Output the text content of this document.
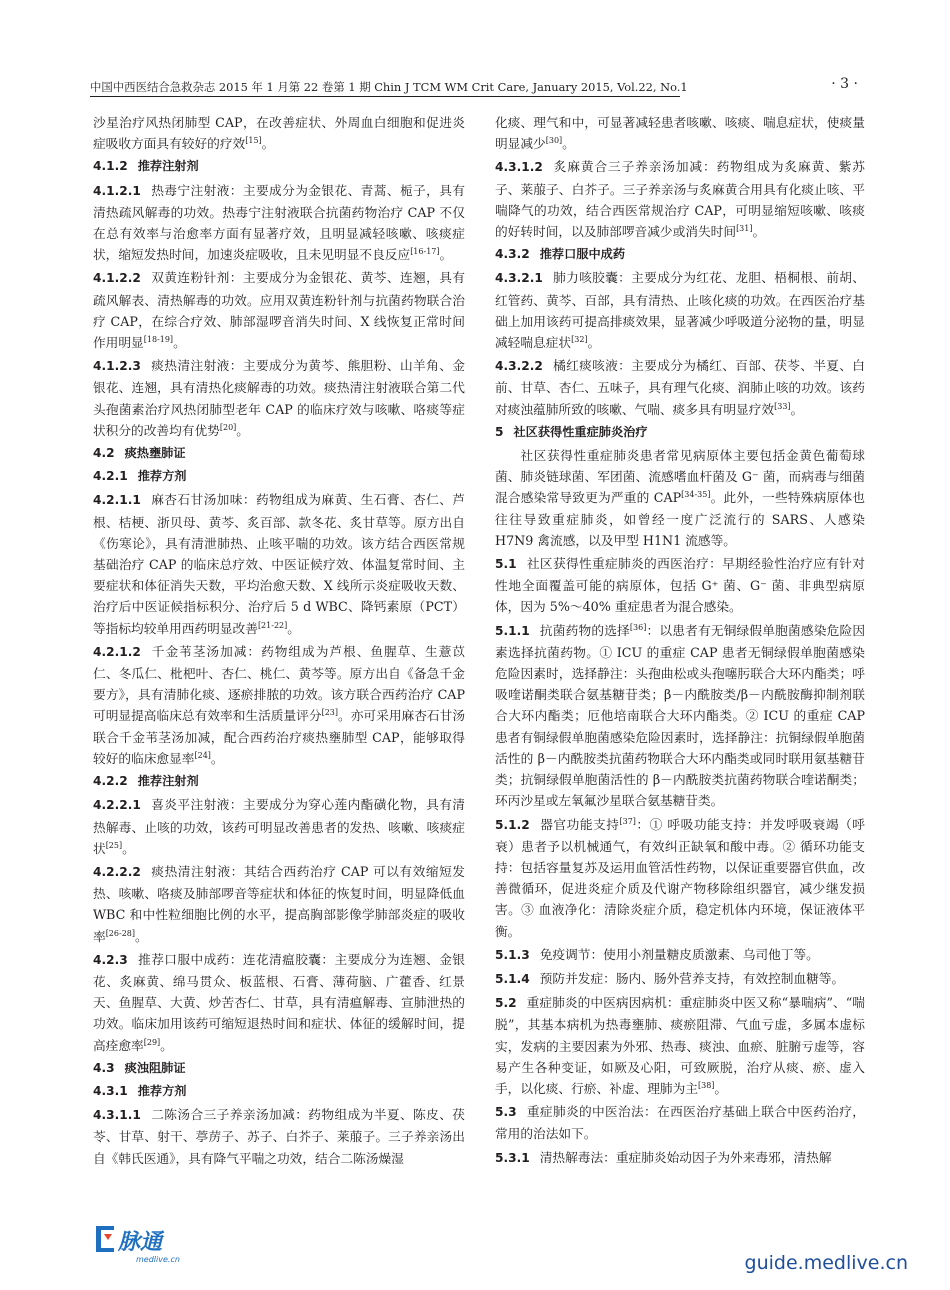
中国中西医结合急救杂志 2015 年 1 月第 22 卷第 1 期 Chin J TCM WM Crit Care, January 2015, Vol.22, No.1	· 3 ·

沙星治疗风热闭肺型 CAP，在改善症状、外周血白细胞和促进炎症吸收方面具有较好的疗效[15]。

4.1.2 推荐注射剂

4.1.2.1 热毒宁注射液：主要成分为金银花、青蒿、栀子，具有清热疏风解毒的功效。热毒宁注射液联合抗菌药物治疗 CAP 不仅在总有效率与治愈率方面有显著疗效，且明显减轻咳嗽、咳痰症状，缩短发热时间，加速炎症吸收，且未见明显不良反应[16-17]。

4.1.2.2 双黄连粉针剂：主要成分为金银花、黄芩、连翘，具有疏风解表、清热解毒的功效。应用双黄连粉针剂与抗菌药物联合治疗 CAP，在综合疗效、肺部湿啰音消失时间、X 线恢复正常时间作用明显[18-19]。

4.1.2.3 痰热清注射液：主要成分为黄芩、熊胆粉、山羊角、金银花、连翘，具有清热化痰解毒的功效。痰热清注射液联合第二代头孢菌素治疗风热闭肺型老年 CAP 的临床疗效与咳嗽、咯痰等症状积分的改善均有优势[20]。

4.2 痰热壅肺证
4.2.1 推荐方剂

4.2.1.1 麻杏石甘汤加味：药物组成为麻黄、生石膏、杏仁、芦根、桔梗、浙贝母、黄芩、炙百部、款冬花、炙甘草等。原方出自《伤寒论》，具有清泄肺热、止咳平喘的功效。该方结合西医常规基础治疗 CAP 的临床总疗效、中医证候疗效、体温复常时间、主要症状和体征消失天数，平均治愈天数、X 线所示炎症吸收天数、治疗后中医证候指标积分、治疗后 5 d WBC、降钙素原（PCT）等指标均较单用西药明显改善[21-22]。

4.2.1.2 千金苇茎汤加减：药物组成为芦根、鱼腥草、生薏苡仁、冬瓜仁、枇杷叶、杏仁、桃仁、黄芩等。原方出自《备急千金要方》，具有清肺化痰、逐瘀排脓的功效。该方联合西药治疗 CAP 可明显提高临床总有效率和生活质量评分[23]。亦可采用麻杏石甘汤联合千金苇茎汤加减，配合西药治疗痰热壅肺型 CAP，能够取得较好的临床愈显率[24]。

4.2.2 推荐注射剂

4.2.2.1 喜炎平注射液：主要成分为穿心莲内酯磺化物，具有清热解毒、止咳的功效，该药可明显改善患者的发热、咳嗽、咳痰症状[25]。

4.2.2.2 痰热清注射液：其结合西药治疗 CAP 可以有效缩短发热、咳嗽、咯痰及肺部啰音等症状和体征的恢复时间，明显降低血 WBC 和中性粒细胞比例的水平，提高胸部影像学肺部炎症的吸收率[26-28]。

4.2.3 推荐口服中成药：连花清瘟胶囊：主要成分为连翘、金银花、炙麻黄、绵马贯众、板蓝根、石膏、薄荷脑、广藿香、红景天、鱼腥草、大黄、炒苦杏仁、甘草，具有清瘟解毒、宣肺泄热的功效。临床加用该药可缩短退热时间和症状、体征的缓解时间，提高痊愈率[29]。

4.3 痰浊阻肺证
4.3.1 推荐方剂

4.3.1.1 二陈汤合三子养亲汤加减：药物组成为半夏、陈皮、茯苓、甘草、射干、葶苈子、苏子、白芥子、莱菔子。三子养亲汤出自《韩氏医通》，具有降气平喘之功效，结合二陈汤燥湿

化痰、理气和中，可显著减轻患者咳嗽、咳痰、喘息症状，使痰量明显减少[30]。

4.3.1.2 炙麻黄合三子养亲汤加减：药物组成为炙麻黄、紫苏子、莱菔子、白芥子。三子养亲汤与炙麻黄合用具有化痰止咳、平喘降气的功效，结合西医常规治疗 CAP，可明显缩短咳嗽、咳痰的好转时间，以及肺部啰音减少或消失时间[31]。

4.3.2 推荐口服中成药

4.3.2.1 肺力咳胶囊：主要成分为红花、龙胆、梧桐根、前胡、红管药、黄芩、百部，具有清热、止咳化痰的功效。在西医治疗基础上加用该药可提高排痰效果，显著减少呼吸道分泌物的量，明显减轻喘息症状[32]。

4.3.2.2 橘红痰咳液：主要成分为橘红、百部、茯苓、半夏、白前、甘草、杏仁、五味子，具有理气化痰、润肺止咳的功效。该药对痰浊蕴肺所致的咳嗽、气喘、痰多具有明显疗效[33]。

5 社区获得性重症肺炎治疗

社区获得性重症肺炎患者常见病原体主要包括金黄色葡萄球菌、肺炎链球菌、军团菌、流感嗜血杆菌及 G⁻ 菌，而病毒与细菌混合感染常导致更为严重的 CAP[34-35]。此外，一些特殊病原体也往往导致重症肺炎，如曾经一度广泛流行的 SARS、人感染 H7N9 禽流感，以及甲型 H1N1 流感等。

5.1 社区获得性重症肺炎的西医治疗：早期经验性治疗应有针对性地全面覆盖可能的病原体，包括 G⁺ 菌、G⁻ 菌、非典型病原体，因为 5%～40% 重症患者为混合感染。

5.1.1 抗菌药物的选择[36]：以患者有无铜绿假单胞菌感染危险因素选择抗菌药物。① ICU 的重症 CAP 患者无铜绿假单胞菌感染危险因素时，选择静注：头孢曲松或头孢噻肟联合大环内酯类；呼吸喹诺酮类联合氨基糖苷类；β－内酰胺类/β－内酰胺酶抑制剂联合大环内酯类；厄他培南联合大环内酯类。② ICU 的重症 CAP 患者有铜绿假单胞菌感染危险因素时，选择静注：抗铜绿假单胞菌活性的 β－内酰胺类抗菌药物联合大环内酯类或同时联用氨基糖苷类；抗铜绿假单胞菌活性的 β－内酰胺类抗菌药物联合喹诺酮类；环丙沙星或左氧氟沙星联合氨基糖苷类。

5.1.2 器官功能支持[37]：① 呼吸功能支持：并发呼吸衰竭（呼衰）患者予以机械通气，有效纠正缺氧和酸中毒。② 循环功能支持：包括容量复苏及运用血管活性药物，以保证重要器官供血，改善微循环，促进炎症介质及代谢产物移除组织器官，减少继发损害。③ 血液净化：清除炎症介质，稳定机体内环境，保证液体平衡。

5.1.3 免疫调节：使用小剂量糖皮质激素、乌司他丁等。

5.1.4 预防并发症：肠内、肠外营养支持，有效控制血糖等。

5.2 重症肺炎的中医病因病机：重症肺炎中医又称“暴喘病”、“喘脱”，其基本病机为热毒壅肺、痰瘀阻滞、气血亏虚，多属本虚标实，发病的主要因素为外邪、热毒、痰浊、血瘀、脏腑亏虚等，容易产生各种变证，如厥及心阳，可致厥脱，治疗从痰、瘀、虚入手，以化痰、行瘀、补虚、理肺为主[38]。

5.3 重症肺炎的中医治法：在西医治疗基础上联合中医药治疗，常用的治法如下。

5.3.1 清热解毒法：重症肺炎始动因子为外来毒邪，清热解

脉通
medlive.cn	guide.medlive.cn
